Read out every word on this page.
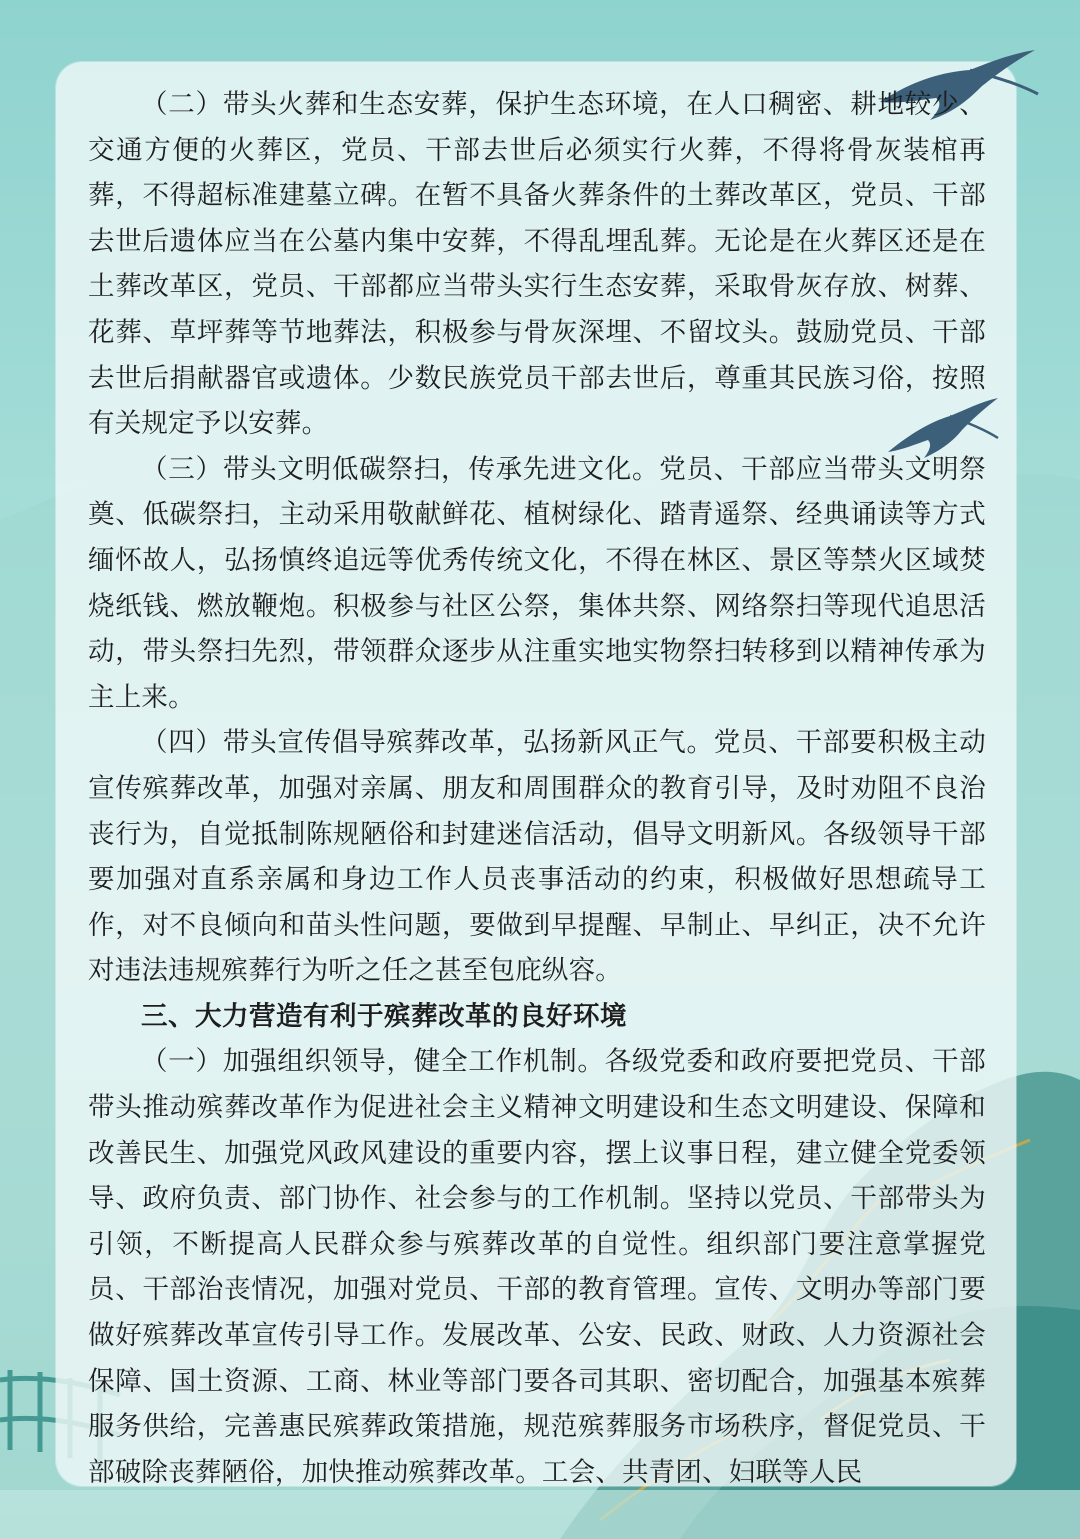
（二）带头火葬和生态安葬，保护生态环境，在人口稠密、耕地较少、交通方便的火葬区，党员、干部去世后必须实行火葬，不得将骨灰装棺再葬，不得超标准建墓立碑。在暂不具备火葬条件的土葬改革区，党员、干部去世后遗体应当在公墓内集中安葬，不得乱埋乱葬。无论是在火葬区还是在土葬改革区，党员、干部都应当带头实行生态安葬，采取骨灰存放、树葬、花葬、草坪葬等节地葬法，积极参与骨灰深埋、不留坟头。鼓励党员、干部去世后捐献器官或遗体。少数民族党员干部去世后，尊重其民族习俗，按照有关规定予以安葬。

（三）带头文明低碳祭扫，传承先进文化。党员、干部应当带头文明祭奠、低碳祭扫，主动采用敬献鲜花、植树绿化、踏青遥祭、经典诵读等方式缅怀故人，弘扬慎终追远等优秀传统文化，不得在林区、景区等禁火区域焚烧纸钱、燃放鞭炮。积极参与社区公祭，集体共祭、网络祭扫等现代追思活动，带头祭扫先烈，带领群众逐步从注重实地实物祭扫转移到以精神传承为主上来。

（四）带头宣传倡导殡葬改革，弘扬新风正气。党员、干部要积极主动宣传殡葬改革，加强对亲属、朋友和周围群众的教育引导，及时劝阻不良治丧行为，自觉抵制陈规陋俗和封建迷信活动，倡导文明新风。各级领导干部要加强对直系亲属和身边工作人员丧事活动的约束，积极做好思想疏导工作，对不良倾向和苗头性问题，要做到早提醒、早制止、早纠正，决不允许对违法违规殡葬行为听之任之甚至包庇纵容。

三、大力营造有利于殡葬改革的良好环境

（一）加强组织领导，健全工作机制。各级党委和政府要把党员、干部带头推动殡葬改革作为促进社会主义精神文明建设和生态文明建设、保障和改善民生、加强党风政风建设的重要内容，摆上议事日程，建立健全党委领导、政府负责、部门协作、社会参与的工作机制。坚持以党员、干部带头为引领，不断提高人民群众参与殡葬改革的自觉性。组织部门要注意掌握党员、干部治丧情况，加强对党员、干部的教育管理。宣传、文明办等部门要做好殡葬改革宣传引导工作。发展改革、公安、民政、财政、人力资源社会保障、国土资源、工商、林业等部门要各司其职、密切配合，加强基本殡葬服务供给，完善惠民殡葬政策措施，规范殡葬服务市场秩序，督促党员、干部破除丧葬陋俗，加快推动殡葬改革。工会、共青团、妇联等人民
